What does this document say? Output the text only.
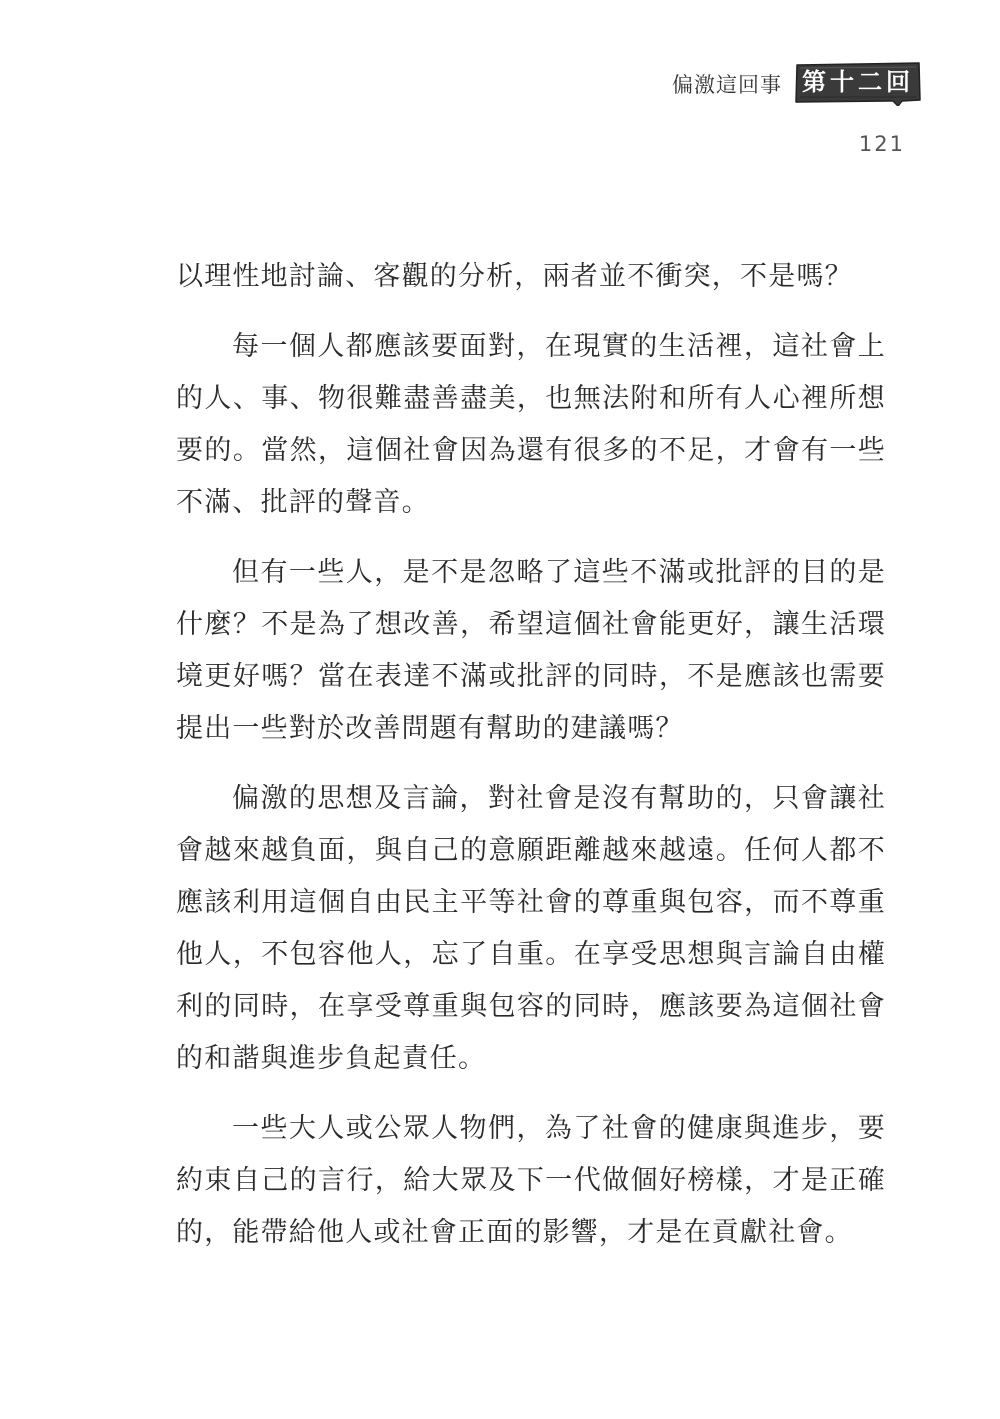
偏激這回事 第十二回
121

以理性地討論、客觀的分析，兩者並不衝突，不是嗎？

每一個人都應該要面對，在現實的生活裡，這社會上的人、事、物很難盡善盡美，也無法附和所有人心裡所想要的。當然，這個社會因為還有很多的不足，才會有一些不滿、批評的聲音。

但有一些人，是不是忽略了這些不滿或批評的目的是什麼？不是為了想改善，希望這個社會能更好，讓生活環境更好嗎？當在表達不滿或批評的同時，不是應該也需要提出一些對於改善問題有幫助的建議嗎？

偏激的思想及言論，對社會是沒有幫助的，只會讓社會越來越負面，與自己的意願距離越來越遠。任何人都不應該利用這個自由民主平等社會的尊重與包容，而不尊重他人，不包容他人，忘了自重。在享受思想與言論自由權利的同時，在享受尊重與包容的同時，應該要為這個社會的和諧與進步負起責任。

一些大人或公眾人物們，為了社會的健康與進步，要約束自己的言行，給大眾及下一代做個好榜樣，才是正確的，能帶給他人或社會正面的影響，才是在貢獻社會。
